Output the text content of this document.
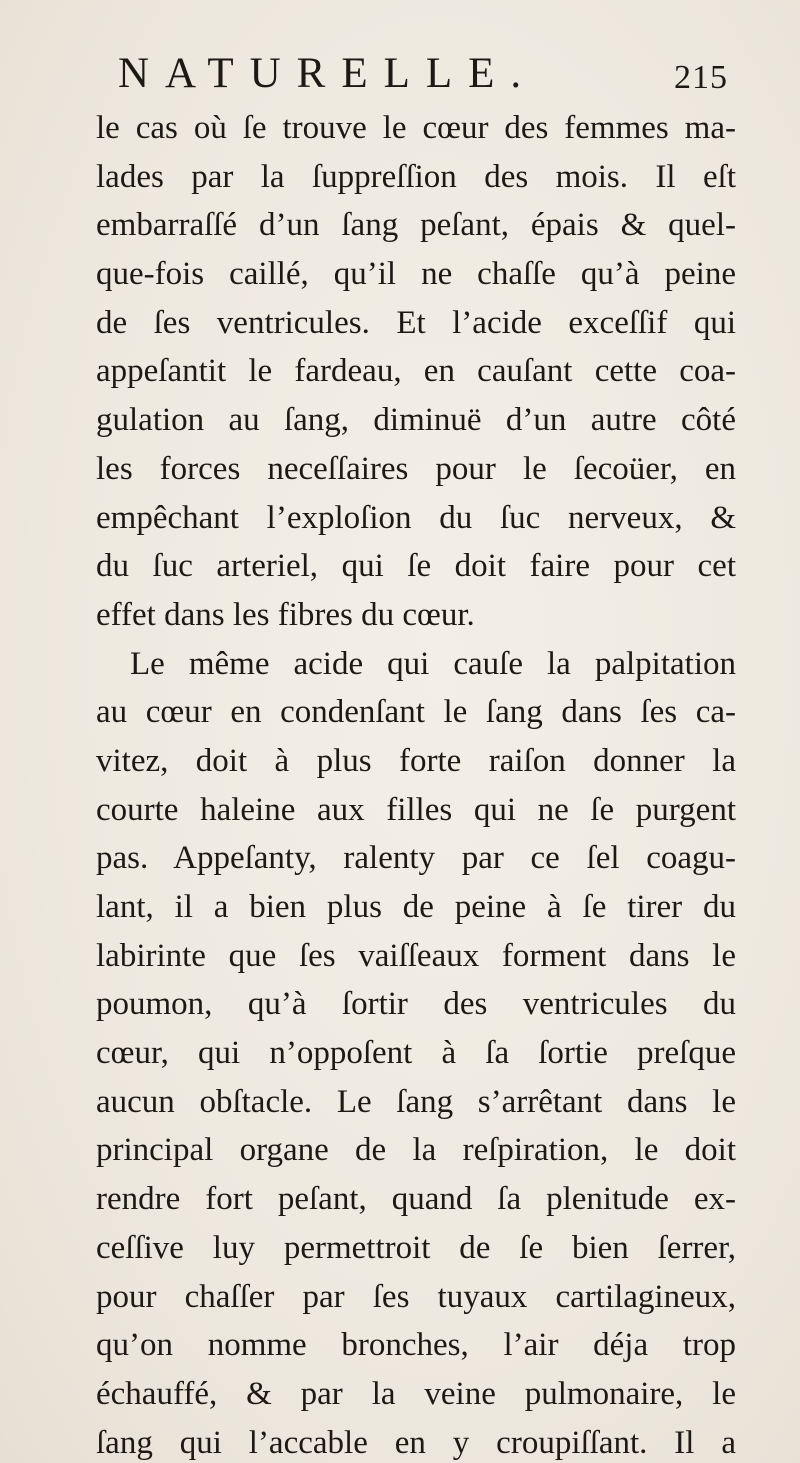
NATURELLE.	215
le cas où ſe trouve le cœur des femmes ma-
lades par la ſuppreſſion des mois. Il eſt
embarraſſé d’un ſang peſant, épais & quel-
que-fois caillé, qu’il ne chaſſe qu’à peine
de ſes ventricules. Et l’acide exceſſif qui
appeſantit le fardeau, en cauſant cette coa-
gulation au ſang, diminuë d’un autre côté
les forces neceſſaires pour le ſecoüer, en
empêchant l’exploſion du ſuc nerveux, &
du ſuc arteriel, qui ſe doit faire pour cet
effet dans les fibres du cœur.
Le même acide qui cauſe la palpitation
au cœur en condenſant le ſang dans ſes ca-
vitez, doit à plus forte raiſon donner la
courte haleine aux filles qui ne ſe purgent
pas. Appeſanty, ralenty par ce ſel coagu-
lant, il a bien plus de peine à ſe tirer du
labirinte que ſes vaiſſeaux forment dans le
poumon, qu’à ſortir des ventricules du
cœur, qui n’oppoſent à ſa ſortie preſque
aucun obſtacle. Le ſang s’arrêtant dans le
principal organe de la reſpiration, le doit
rendre fort peſant, quand ſa plenitude ex-
ceſſive luy permettroit de ſe bien ſerrer,
pour chaſſer par ſes tuyaux cartilagineux,
qu’on nomme bronches, l’air déja trop
échauffé, & par la veine pulmonaire, le
ſang qui l’accable en y croupiſſant. Il a
